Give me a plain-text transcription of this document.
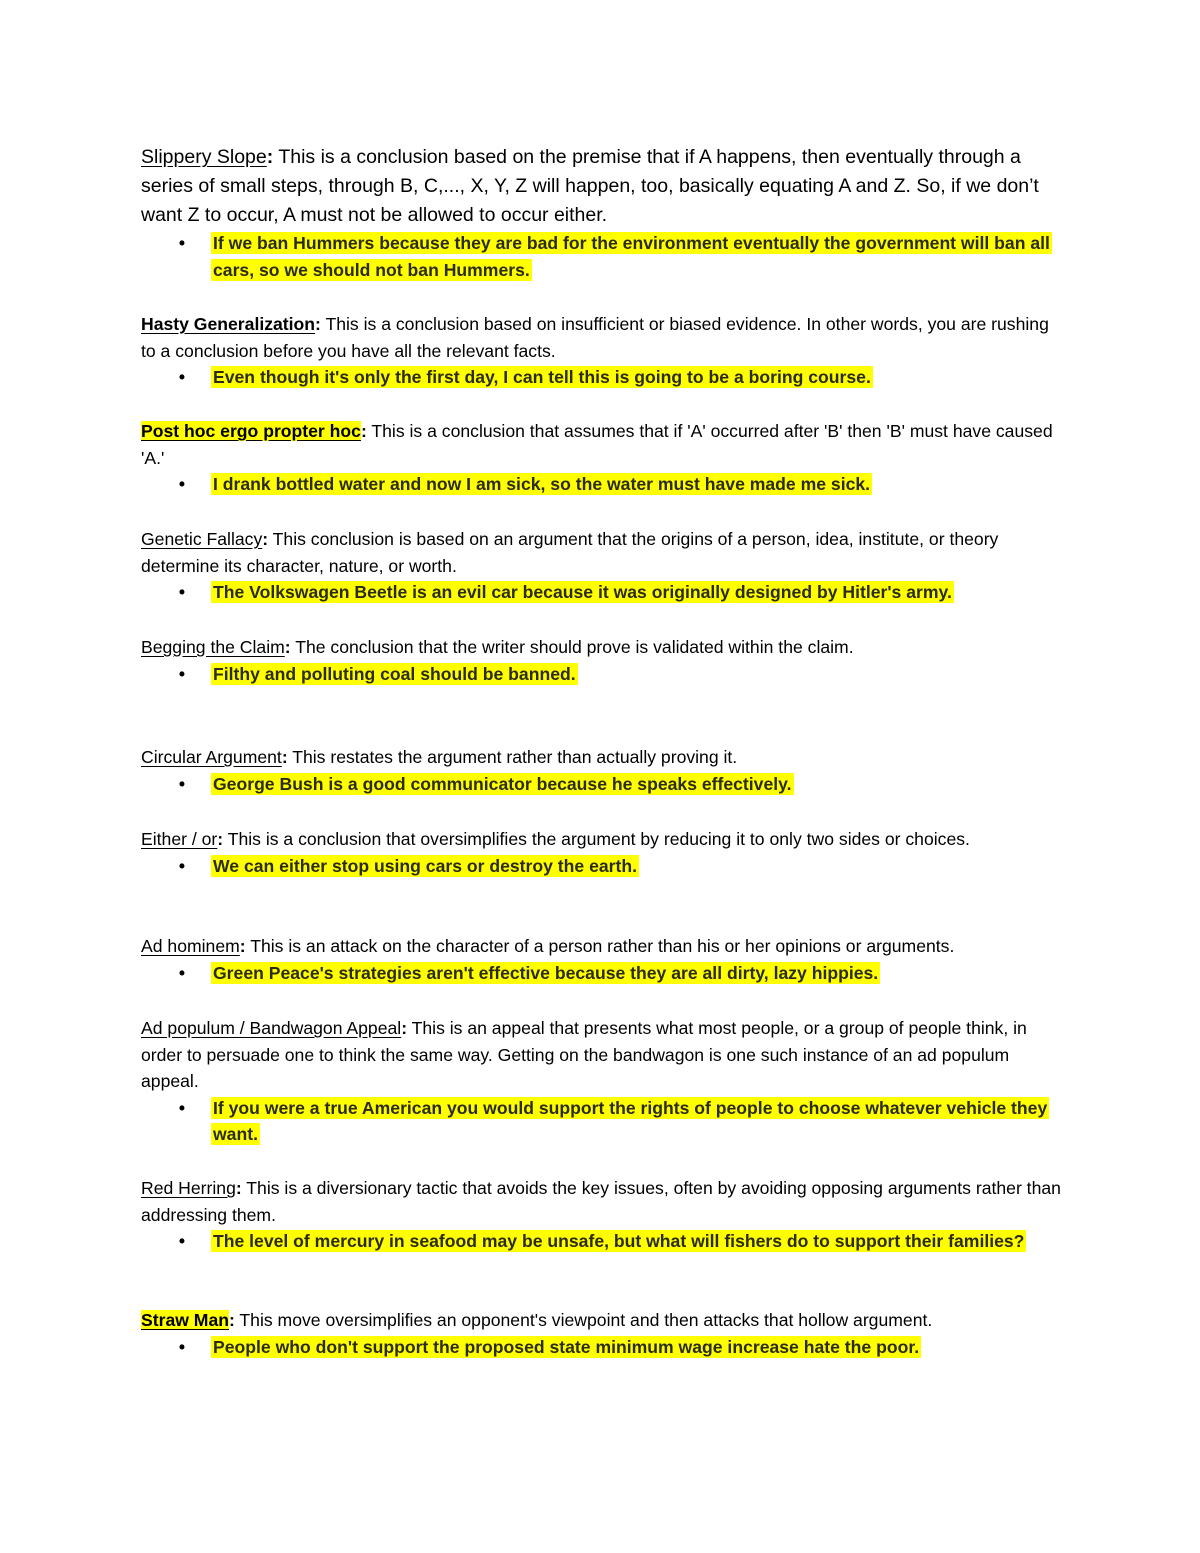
Slippery Slope: This is a conclusion based on the premise that if A happens, then eventually through a series of small steps, through B, C,..., X, Y, Z will happen, too, basically equating A and Z. So, if we don’t want Z to occur, A must not be allowed to occur either.

• If we ban Hummers because they are bad for the environment eventually the government will ban all cars, so we should not ban Hummers.

Hasty Generalization: This is a conclusion based on insufficient or biased evidence. In other words, you are rushing to a conclusion before you have all the relevant facts.

• Even though it's only the first day, I can tell this is going to be a boring course.

Post hoc ergo propter hoc: This is a conclusion that assumes that if 'A' occurred after 'B' then 'B' must have caused 'A.'

• I drank bottled water and now I am sick, so the water must have made me sick.

Genetic Fallacy: This conclusion is based on an argument that the origins of a person, idea, institute, or theory determine its character, nature, or worth.

• The Volkswagen Beetle is an evil car because it was originally designed by Hitler's army.

Begging the Claim: The conclusion that the writer should prove is validated within the claim.

• Filthy and polluting coal should be banned.

Circular Argument: This restates the argument rather than actually proving it.

• George Bush is a good communicator because he speaks effectively.

Either / or: This is a conclusion that oversimplifies the argument by reducing it to only two sides or choices.

• We can either stop using cars or destroy the earth.

Ad hominem: This is an attack on the character of a person rather than his or her opinions or arguments.

• Green Peace's strategies aren't effective because they are all dirty, lazy hippies.

Ad populum / Bandwagon Appeal: This is an appeal that presents what most people, or a group of people think, in order to persuade one to think the same way. Getting on the bandwagon is one such instance of an ad populum appeal.

• If you were a true American you would support the rights of people to choose whatever vehicle they want.

Red Herring: This is a diversionary tactic that avoids the key issues, often by avoiding opposing arguments rather than addressing them.

• The level of mercury in seafood may be unsafe, but what will fishers do to support their families?

Straw Man: This move oversimplifies an opponent's viewpoint and then attacks that hollow argument.

• People who don't support the proposed state minimum wage increase hate the poor.
